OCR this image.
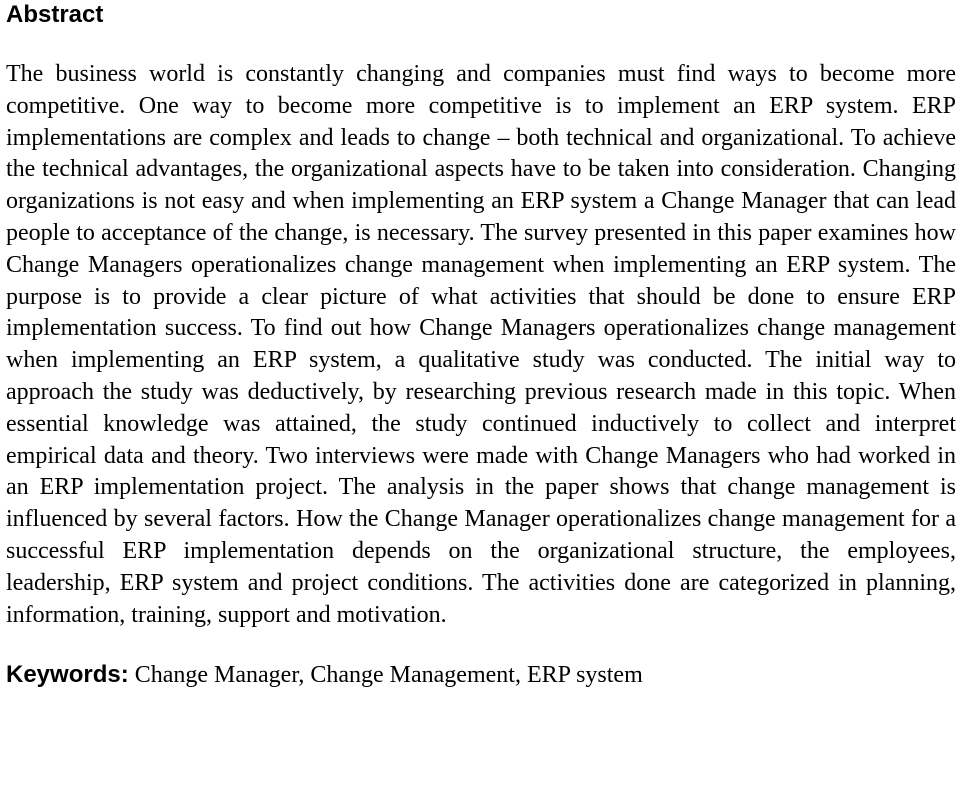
Abstract

The business world is constantly changing and companies must find ways to become more competitive. One way to become more competitive is to implement an ERP system. ERP implementations are complex and leads to change – both technical and organizational. To achieve the technical advantages, the organizational aspects have to be taken into consideration. Changing organizations is not easy and when implementing an ERP system a Change Manager that can lead people to acceptance of the change, is necessary. The survey presented in this paper examines how Change Managers operationalizes change management when implementing an ERP system. The purpose is to provide a clear picture of what activities that should be done to ensure ERP implementation success. To find out how Change Managers operationalizes change management when implementing an ERP system, a qualitative study was conducted. The initial way to approach the study was deductively, by researching previous research made in this topic. When essential knowledge was attained, the study continued inductively to collect and interpret empirical data and theory. Two interviews were made with Change Managers who had worked in an ERP implementation project. The analysis in the paper shows that change management is influenced by several factors. How the Change Manager operationalizes change management for a successful ERP implementation depends on the organizational structure, the employees, leadership, ERP system and project conditions. The activities done are categorized in planning, information, training, support and motivation.

Keywords: Change Manager, Change Management, ERP system
